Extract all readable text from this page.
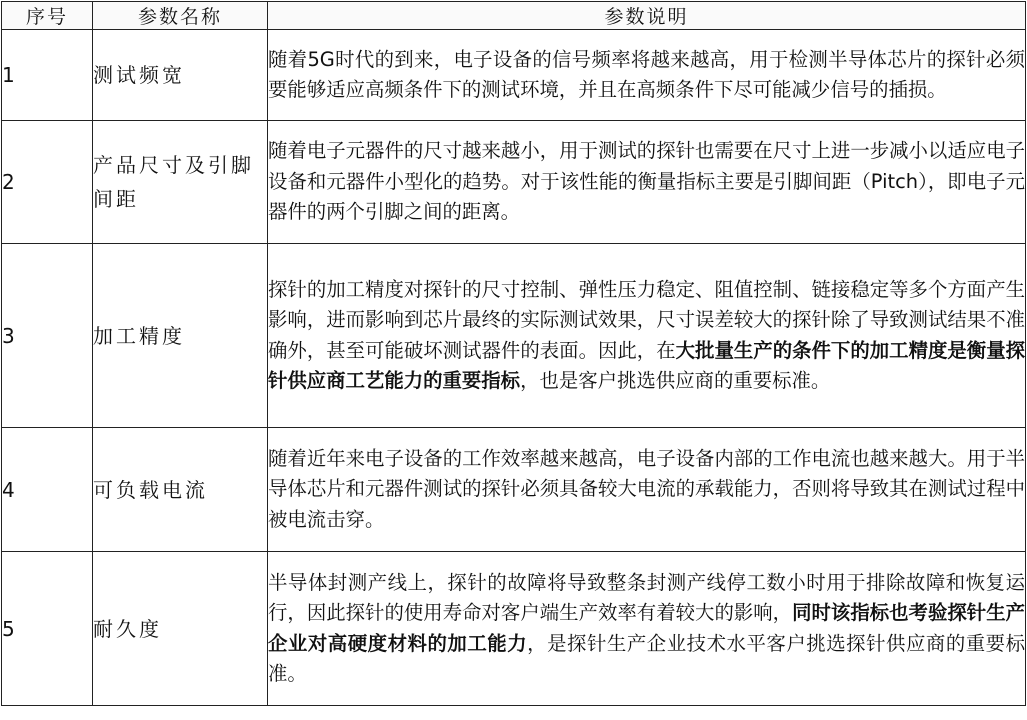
序号	参数名称	参数说明
1	测试频宽	随着5G时代的到来，电子设备的信号频率将越来越高，用于检测半导体芯片的探针必须要能够适应高频条件下的测试环境，并且在高频条件下尽可能减少信号的插损。
2	产品尺寸及引脚间距	随着电子元器件的尺寸越来越小，用于测试的探针也需要在尺寸上进一步减小以适应电子设备和元器件小型化的趋势。对于该性能的衡量指标主要是引脚间距（Pitch），即电子元器件的两个引脚之间的距离。
3	加工精度	探针的加工精度对探针的尺寸控制、弹性压力稳定、阻值控制、链接稳定等多个方面产生影响，进而影响到芯片最终的实际测试效果，尺寸误差较大的探针除了导致测试结果不准确外，甚至可能破坏测试器件的表面。因此，在大批量生产的条件下的加工精度是衡量探针供应商工艺能力的重要指标，也是客户挑选供应商的重要标准。
4	可负载电流	随着近年来电子设备的工作效率越来越高，电子设备内部的工作电流也越来越大。用于半导体芯片和元器件测试的探针必须具备较大电流的承载能力，否则将导致其在测试过程中被电流击穿。
5	耐久度	半导体封测产线上，探针的故障将导致整条封测产线停工数小时用于排除故障和恢复运行，因此探针的使用寿命对客户端生产效率有着较大的影响，同时该指标也考验探针生产企业对高硬度材料的加工能力，是探针生产企业技术水平客户挑选探针供应商的重要标准。
